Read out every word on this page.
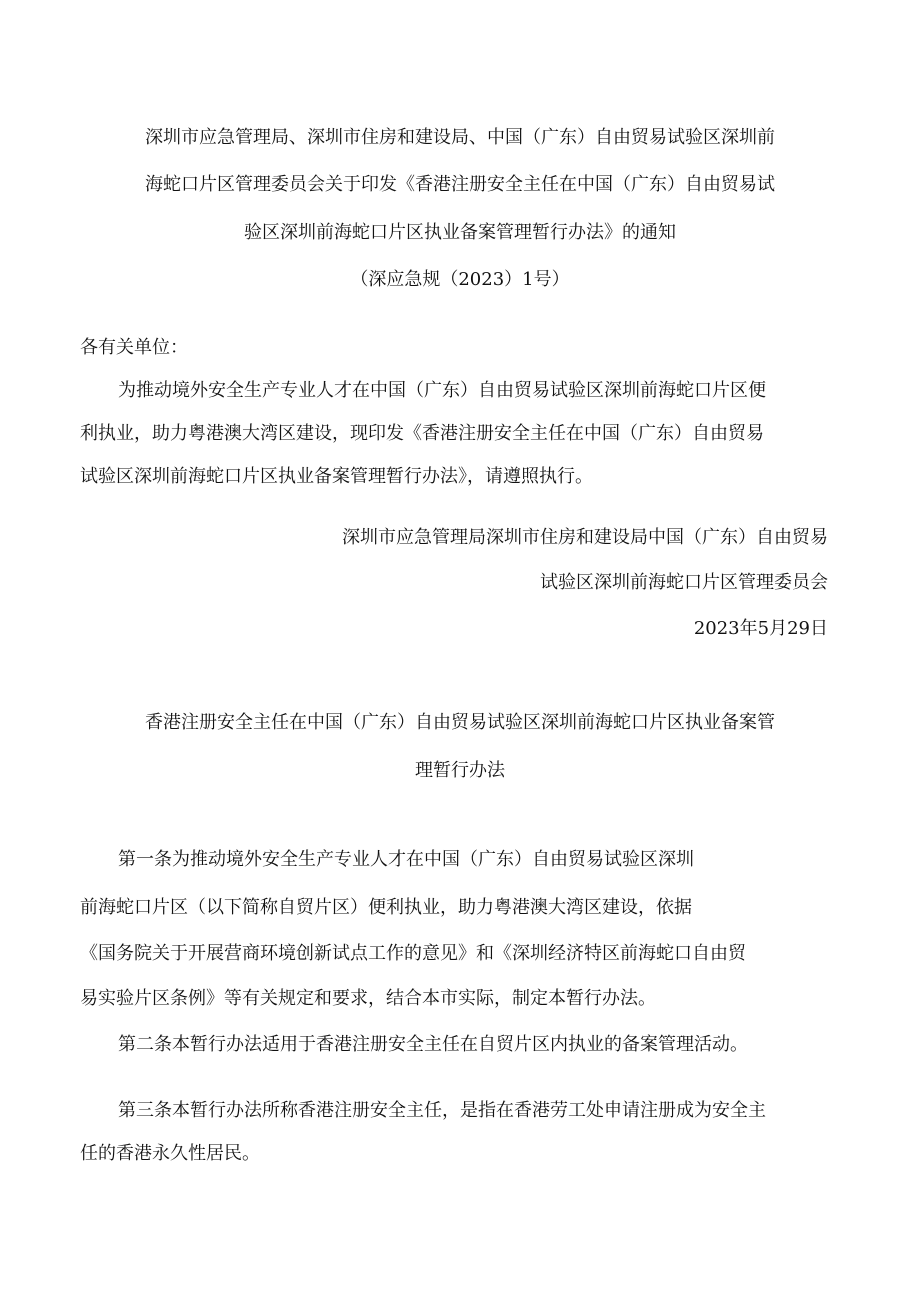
深圳市应急管理局、深圳市住房和建设局、中国（广东）自由贸易试验区深圳前

海蛇口片区管理委员会关于印发《香港注册安全主任在中国（广东）自由贸易试

验区深圳前海蛇口片区执业备案管理暂行办法》的通知

（深应急规（2023）1号）

各有关单位：

为推动境外安全生产专业人才在中国（广东）自由贸易试验区深圳前海蛇口片区便

利执业，助力粤港澳大湾区建设，现印发《香港注册安全主任在中国（广东）自由贸易

试验区深圳前海蛇口片区执业备案管理暂行办法》，请遵照执行。

深圳市应急管理局深圳市住房和建设局中国（广东）自由贸易

试验区深圳前海蛇口片区管理委员会

2023年5月29日

香港注册安全主任在中国（广东）自由贸易试验区深圳前海蛇口片区执业备案管

理暂行办法

第一条为推动境外安全生产专业人才在中国（广东）自由贸易试验区深圳

前海蛇口片区（以下简称自贸片区）便利执业，助力粤港澳大湾区建设，依据

《国务院关于开展营商环境创新试点工作的意见》和《深圳经济特区前海蛇口自由贸

易实验片区条例》等有关规定和要求，结合本市实际，制定本暂行办法。

第二条本暂行办法适用于香港注册安全主任在自贸片区内执业的备案管理活动。

第三条本暂行办法所称香港注册安全主任，是指在香港劳工处申请注册成为安全主

任的香港永久性居民。
